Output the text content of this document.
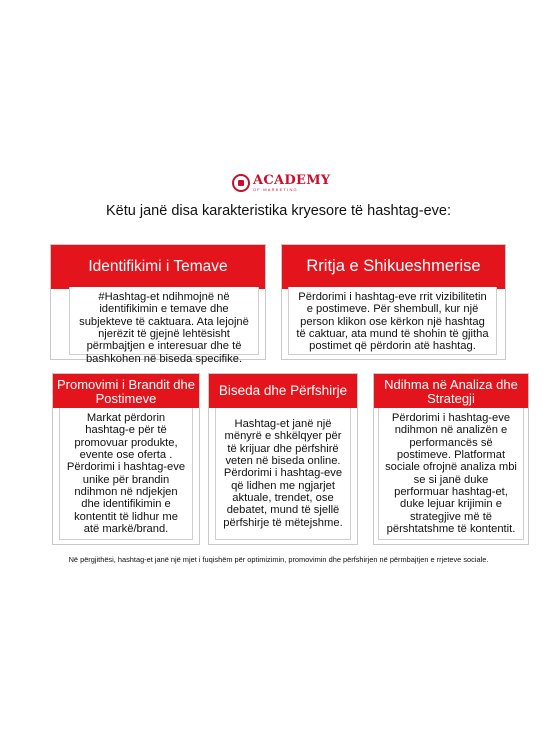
ACADEMY
OF MARKETING
Këtu janë disa karakteristika kryesore të hashtag-eve:
Identifikimi i Temave
#Hashtag-et ndihmojnë në identifikimin e temave dhe subjekteve të caktuara. Ata lejojnë njerëzit të gjejnë lehtësisht përmbajtjen e interesuar dhe të bashkohen në biseda specifike.
Rritja e Shikueshmerise
Përdorimi i hashtag-eve rrit vizibilitetin e postimeve. Për shembull, kur një person klikon ose kërkon një hashtag të caktuar, ata mund të shohin të gjitha postimet që përdorin atë hashtag.
Promovimi i Brandit dhe Postimeve
Markat përdorin hashtag-e për të promovuar produkte, evente ose oferta . Përdorimi i hashtag-eve unike për brandin ndihmon në ndjekjen dhe identifikimin e kontentit të lidhur me atë markë/brand.
Biseda dhe Përfshirje
Hashtag-et janë një mënyrë e shkëlqyer për të krijuar dhe përfshirë veten në biseda online. Përdorimi i hashtag-eve që lidhen me ngjarjet aktuale, trendet, ose debatet, mund të sjellë përfshirje të mëtejshme.
Ndihma në Analiza dhe Strategji
Përdorimi i hashtag-eve ndihmon në analizën e performancës së postimeve. Platformat sociale ofrojnë analiza mbi se si janë duke performuar hashtag-et, duke lejuar krijimin e strategjive më të përshtatshme të kontentit.
Në përgjithësi, hashtag-et janë një mjet i fuqishëm për optimizimin, promovimin dhe përfshirjen në përmbajtjen e rrjeteve sociale.
